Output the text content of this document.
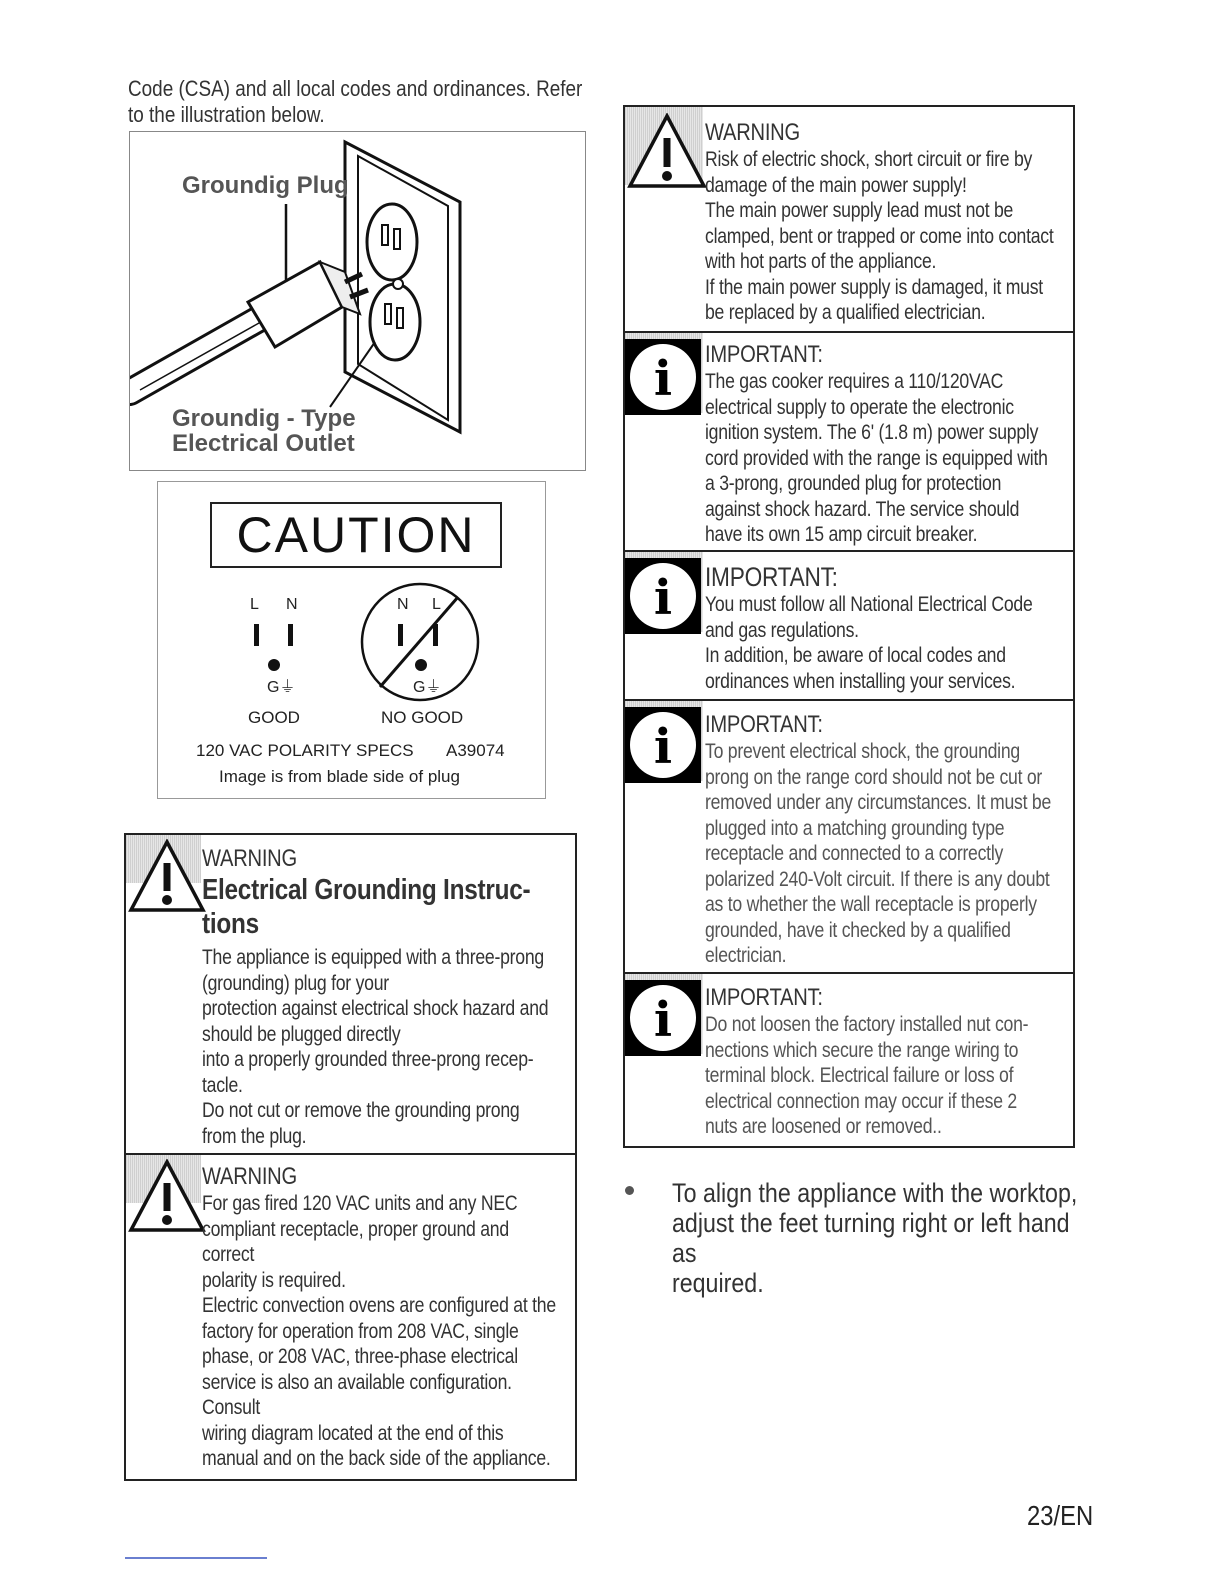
Code (CSA) and all local codes and ordinances. Refer
to the illustration below.
Groundig Plug
Groundig - Type
Electrical Outlet
CAUTION
L N	N L
G⏚	G⏚
GOOD	NO GOOD
120 VAC POLARITY SPECS A39074
Image is from blade side of plug
WARNING
Electrical Grounding Instruc-
tions
The appliance is equipped with a three-prong
(grounding) plug for your
protection against electrical shock hazard and
should be plugged directly
into a properly grounded three-prong recep-
tacle.
Do not cut or remove the grounding prong
from the plug.
WARNING
For gas fired 120 VAC units and any NEC
compliant receptacle, proper ground and
correct
polarity is required.
Electric convection ovens are configured at the
factory for operation from 208 VAC, single
phase, or 208 VAC, three-phase electrical
service is also an available configuration.
Consult
wiring diagram located at the end of this
manual and on the back side of the appliance.
WARNING
Risk of electric shock, short circuit or fire by
damage of the main power supply!
The main power supply lead must not be
clamped, bent or trapped or come into contact
with hot parts of the appliance.
If the main power supply is damaged, it must
be replaced by a qualified electrician.
i IMPORTANT:
The gas cooker requires a 110/120VAC
electrical supply to operate the electronic
ignition system. The 6' (1.8 m) power supply
cord provided with the range is equipped with
a 3-prong, grounded plug for protection
against shock hazard. The service should
have its own 15 amp circuit breaker.
i IMPORTANT:
You must follow all National Electrical Code
and gas regulations.
In addition, be aware of local codes and
ordinances when installing your services.
i IMPORTANT:
To prevent electrical shock, the grounding
prong on the range cord should not be cut or
removed under any circumstances. It must be
plugged into a matching grounding type
receptacle and connected to a correctly
polarized 240-Volt circuit. If there is any doubt
as to whether the wall receptacle is properly
grounded, have it checked by a qualified
electrician.
i IMPORTANT:
Do not loosen the factory installed nut con-
nections which secure the range wiring to
terminal block. Electrical failure or loss of
electrical connection may occur if these 2
nuts are loosened or removed..
To align the appliance with the worktop,
adjust the feet turning right or left hand as
required.
23/EN
